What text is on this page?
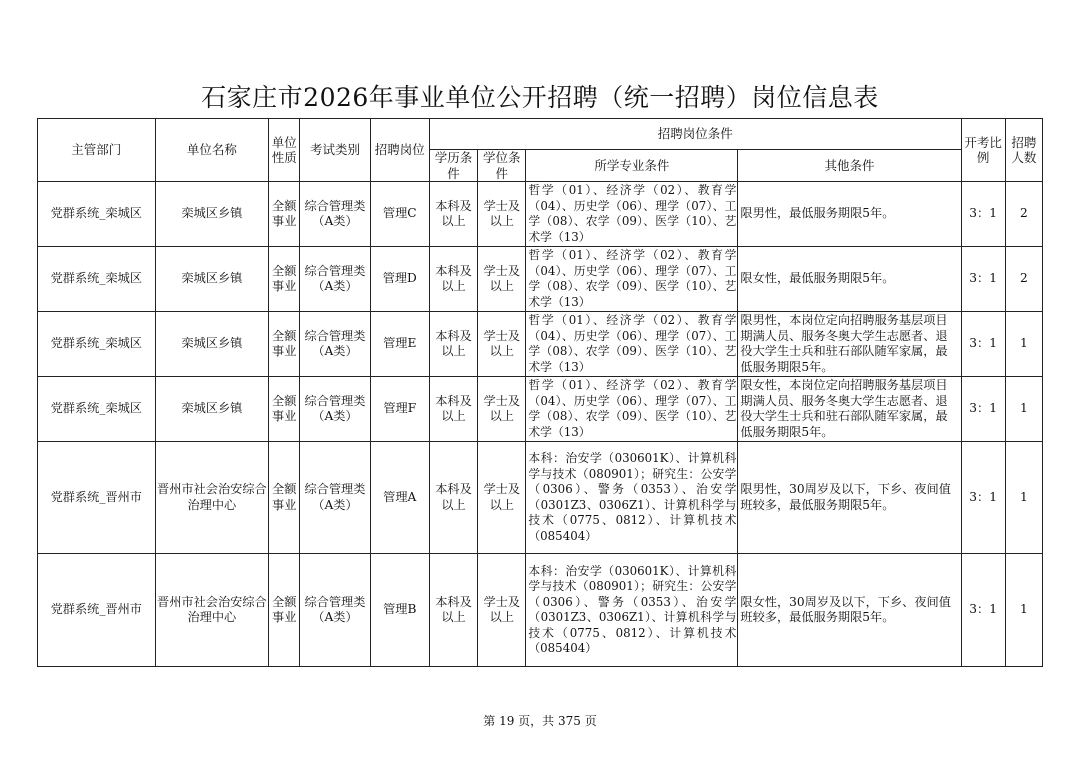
石家庄市2026年事业单位公开招聘（统一招聘）岗位信息表
主管部门	单位名称	单位性质	考试类别	招聘岗位	招聘岗位条件				开考比例	招聘人数
					学历条件	学位条件	所学专业条件	其他条件		
党群系统_栾城区	栾城区乡镇	全额事业	综合管理类（A类）	管理C	本科及以上	学士及以上	哲学（01）、经济学（02）、教育学（04）、历史学（06）、理学（07）、工学（08）、农学（09）、医学（10）、艺术学（13）	限男性，最低服务期限5年。	3：1	2
党群系统_栾城区	栾城区乡镇	全额事业	综合管理类（A类）	管理D	本科及以上	学士及以上	哲学（01）、经济学（02）、教育学（04）、历史学（06）、理学（07）、工学（08）、农学（09）、医学（10）、艺术学（13）	限女性，最低服务期限5年。	3：1	2
党群系统_栾城区	栾城区乡镇	全额事业	综合管理类（A类）	管理E	本科及以上	学士及以上	哲学（01）、经济学（02）、教育学（04）、历史学（06）、理学（07）、工学（08）、农学（09）、医学（10）、艺术学（13）	限男性，本岗位定向招聘服务基层项目期满人员、服务冬奥大学生志愿者、退役大学生士兵和驻石部队随军家属，最低服务期限5年。	3：1	1
党群系统_栾城区	栾城区乡镇	全额事业	综合管理类（A类）	管理F	本科及以上	学士及以上	哲学（01）、经济学（02）、教育学（04）、历史学（06）、理学（07）、工学（08）、农学（09）、医学（10）、艺术学（13）	限女性，本岗位定向招聘服务基层项目期满人员、服务冬奥大学生志愿者、退役大学生士兵和驻石部队随军家属，最低服务期限5年。	3：1	1
党群系统_晋州市	晋州市社会治安综合治理中心	全额事业	综合管理类（A类）	管理A	本科及以上	学士及以上	本科：治安学（030601K）、计算机科学与技术（080901）；研究生：公安学（0306）、警务（0353）、治安学（0301Z3、0306Z1）、计算机科学与技术（0775、0812）、计算机技术（085404）	限男性，30周岁及以下，下乡、夜间值班较多，最低服务期限5年。	3：1	1
党群系统_晋州市	晋州市社会治安综合治理中心	全额事业	综合管理类（A类）	管理B	本科及以上	学士及以上	本科：治安学（030601K）、计算机科学与技术（080901）；研究生：公安学（0306）、警务（0353）、治安学（0301Z3、0306Z1）、计算机科学与技术（0775、0812）、计算机技术（085404）	限女性，30周岁及以下，下乡、夜间值班较多，最低服务期限5年。	3：1	1
第 19 页，共 375 页
